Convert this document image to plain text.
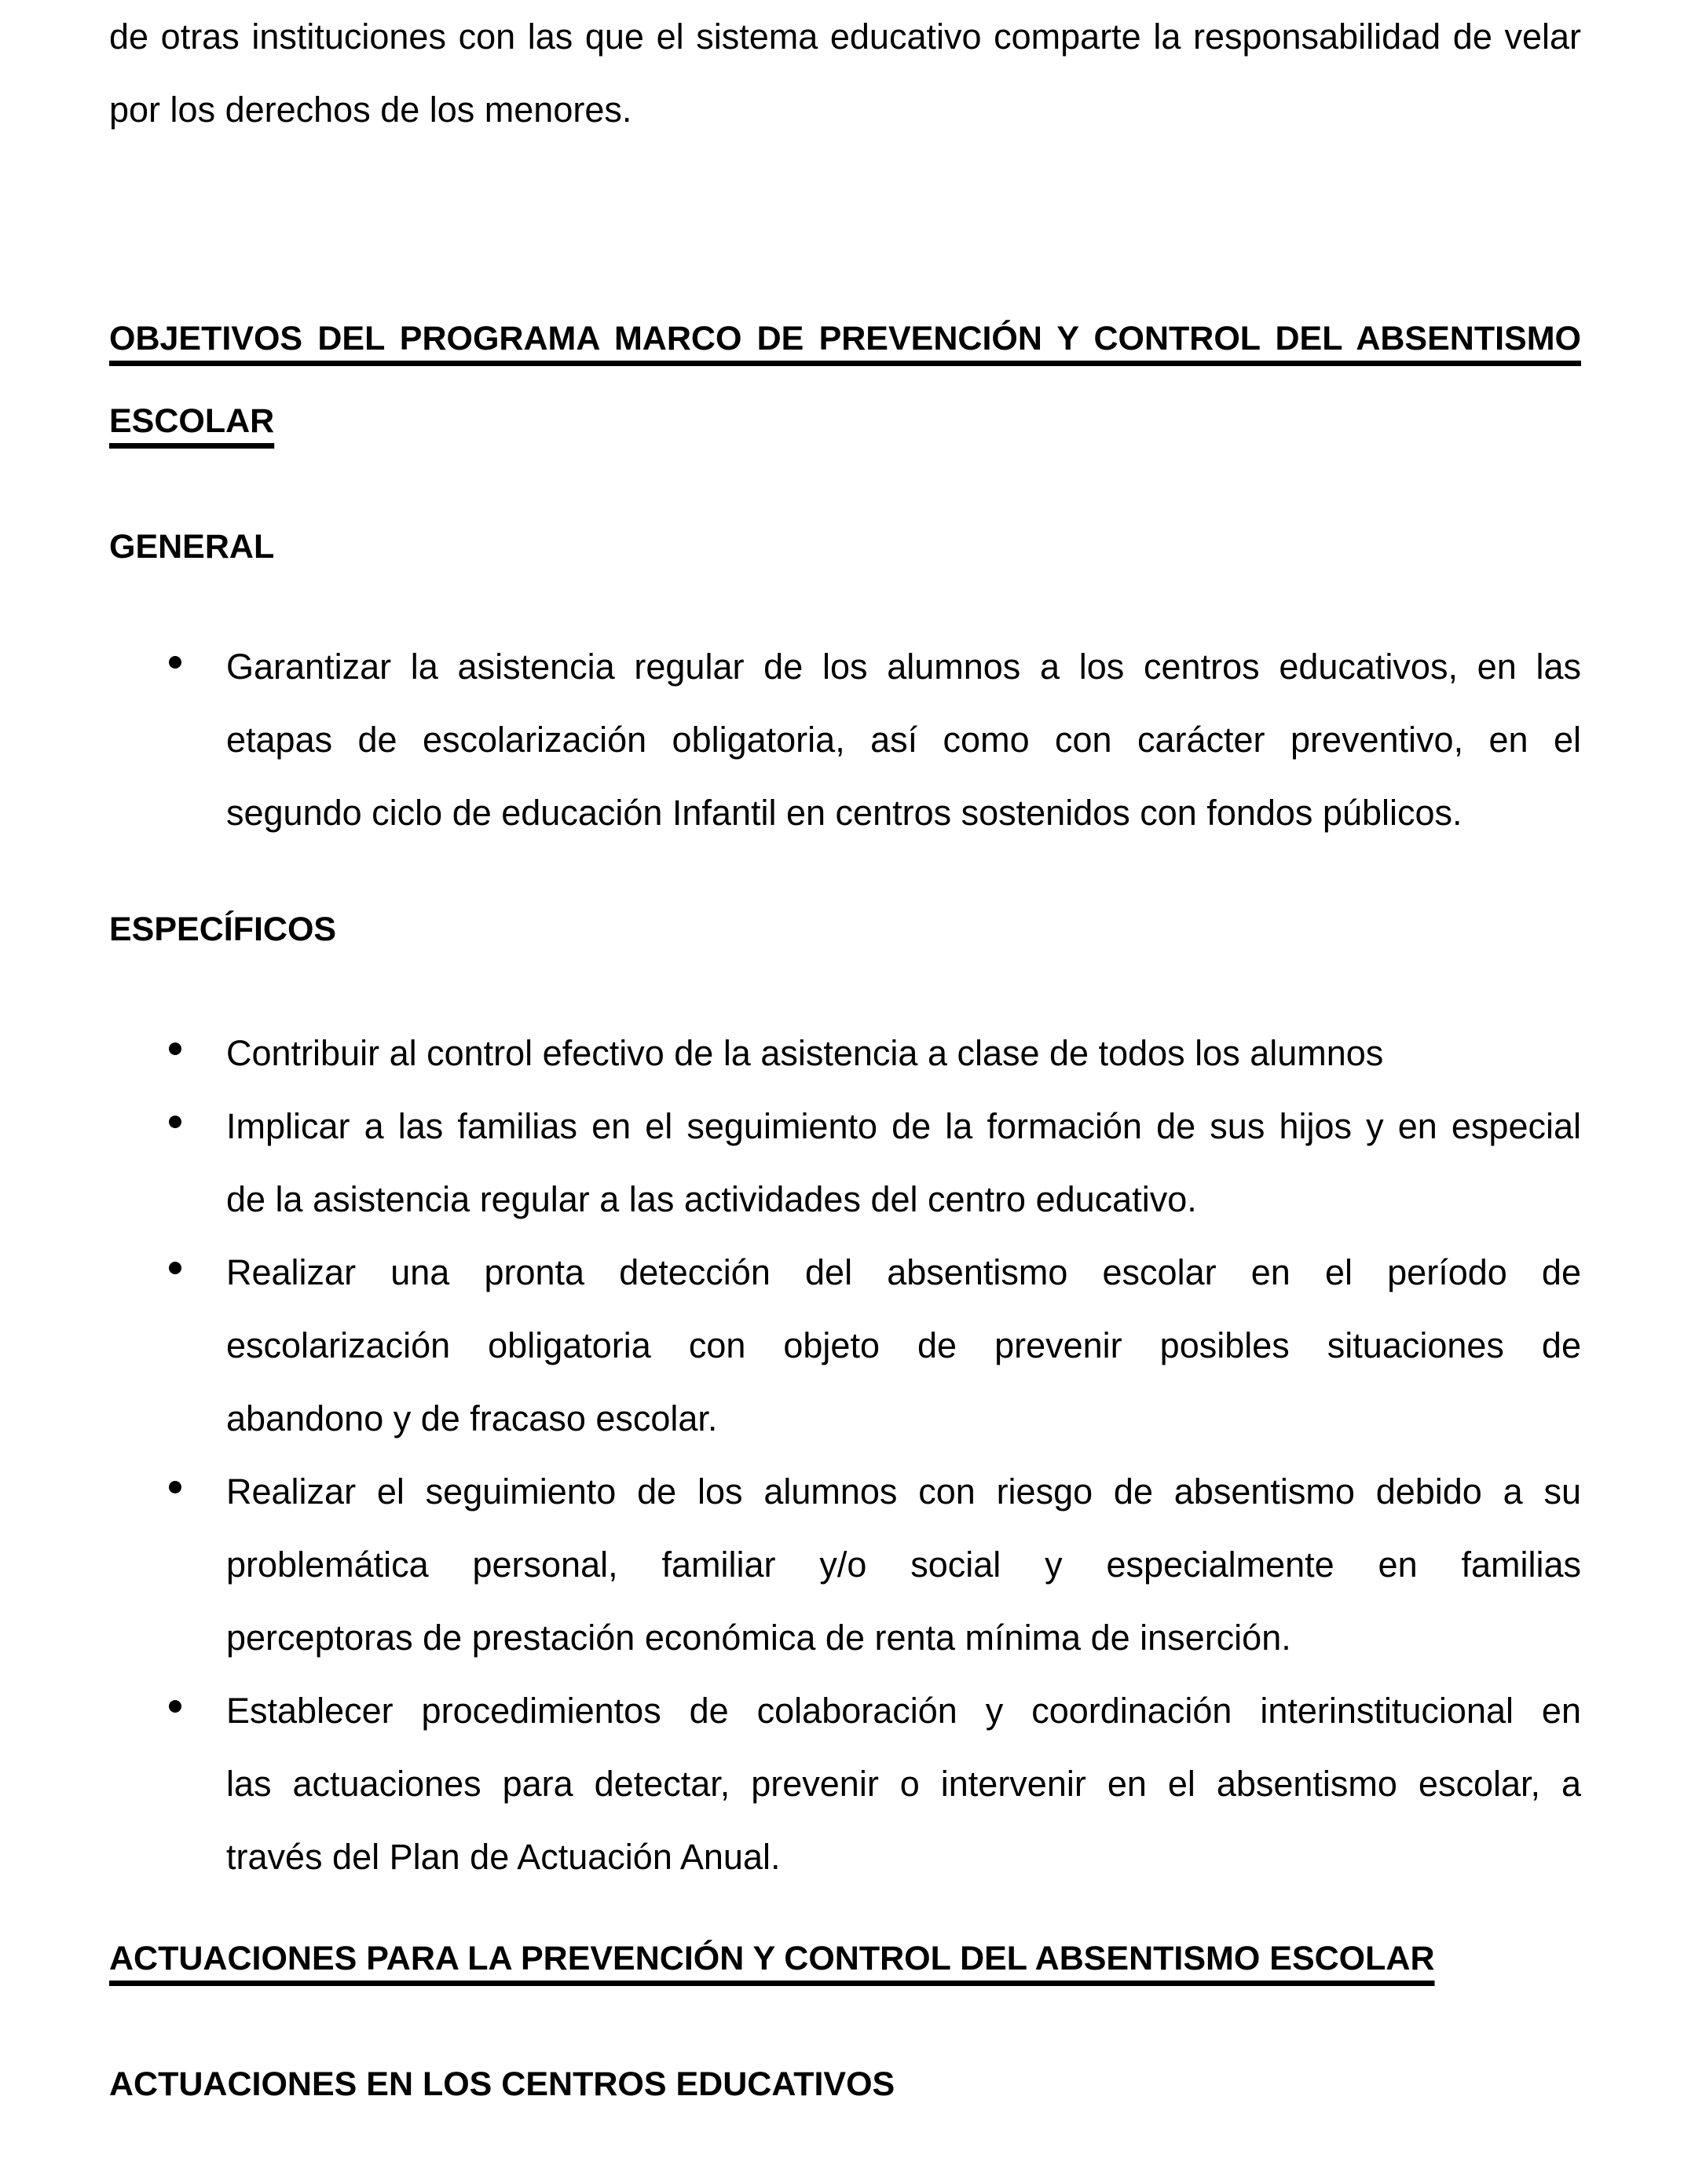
de otras instituciones con las que el sistema educativo comparte la responsabilidad de velar
por los derechos de los menores.
OBJETIVOS DEL PROGRAMA MARCO DE PREVENCIÓN Y CONTROL DEL ABSENTISMO
ESCOLAR
GENERAL
Garantizar la asistencia regular de los alumnos a los centros educativos, en las
etapas de escolarización obligatoria, así como con carácter preventivo, en el
segundo ciclo de educación Infantil en centros sostenidos con fondos públicos.
ESPECÍFICOS
Contribuir al control efectivo de la asistencia a clase de todos los alumnos
Implicar a las familias en el seguimiento de la formación de sus hijos y en especial
de la asistencia regular a las actividades del centro educativo.
Realizar una pronta detección del absentismo escolar en el período de
escolarización obligatoria con objeto de prevenir posibles situaciones de
abandono y de fracaso escolar.
Realizar el seguimiento de los alumnos con riesgo de absentismo debido a su
problemática personal, familiar y/o social y especialmente en familias
perceptoras de prestación económica de renta mínima de inserción.
Establecer procedimientos de colaboración y coordinación interinstitucional en
las actuaciones para detectar, prevenir o intervenir en el absentismo escolar, a
través del Plan de Actuación Anual.
ACTUACIONES PARA LA PREVENCIÓN Y CONTROL DEL ABSENTISMO ESCOLAR
ACTUACIONES EN LOS CENTROS EDUCATIVOS
